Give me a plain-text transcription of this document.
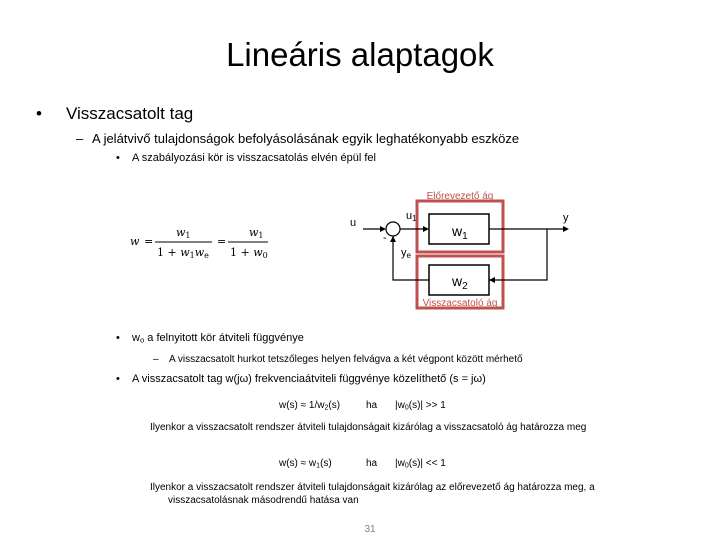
Lineáris alaptagok
• Visszacsatolt tag
– A jelátvivő tulajdonságok befolyásolásának egyik leghatékonyabb eszköze
• A szabályozási kör is visszacsatolás elvén épül fel
Előrevezető ág
Visszacsatoló ág
u
u1
-
ye
y
$w_1$
$w_2$
w =
w1
1 + w1we
=
w1
1 + w0
• $w_o$ a felnyitott kör átviteli függvénye
– A visszacsatolt hurkot tetszőleges helyen felvágva a két végpont között mérhető
• A visszacsatolt tag w(jω) frekvenciaátviteli függvénye közelíthető (s = jω)
w(s) ≈ 1/w2(s)	ha |w0(s)| >> 1
Ilyenkor a visszacsatolt rendszer átviteli tulajdonságait kizárólag a visszacsatoló ág határozza meg
w(s) ≈ w1(s)	ha |w0(s)| << 1
Ilyenkor a visszacsatolt rendszer átviteli tulajdonságait kizárólag az előrevezető ág határozza meg, a
visszacsatolásnak másodrendű hatása van
31
